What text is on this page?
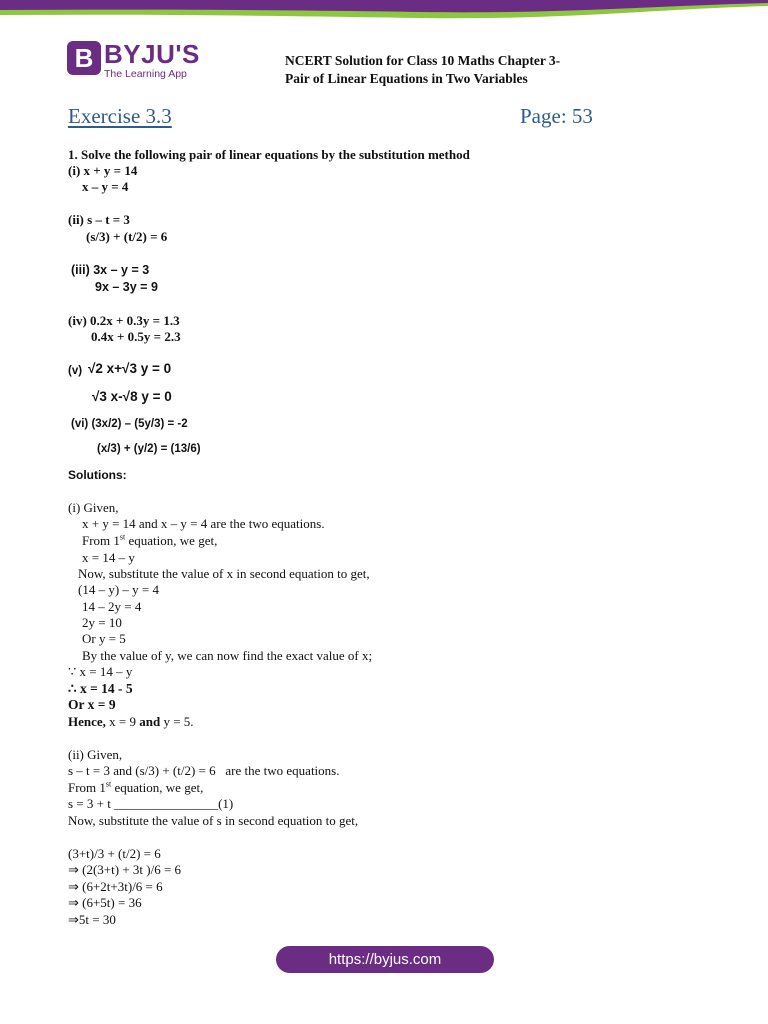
B BYJU'S
The Learning App
NCERT Solution for Class 10 Maths Chapter 3-
Pair of Linear Equations in Two Variables
Exercise 3.3	Page: 53
1. Solve the following pair of linear equations by the substitution method
(i) x + y = 14
x – y = 4
(ii) s – t = 3
(s/3) + (t/2) = 6
(iii) 3x – y = 3
9x – 3y = 9
(iv) 0.2x + 0.3y = 1.3
0.4x + 0.5y = 2.3
(v) √2 x+√3 y = 0
√3 x-√8 y = 0
(vi) (3x/2) – (5y/3) = -2
(x/3) + (y/2) = (13/6)
Solutions:
(i) Given,
x + y = 14 and x – y = 4 are the two equations.
From 1st equation, we get,
x = 14 – y
Now, substitute the value of x in second equation to get,
(14 – y) – y = 4
14 – 2y = 4
2y = 10
Or y = 5
By the value of y, we can now find the exact value of x;
∵ x = 14 – y
∴ x = 14 - 5
Or x = 9
Hence, x = 9 and y = 5.
(ii) Given,
s – t = 3 and (s/3) + (t/2) = 6   are the two equations.
From 1st equation, we get,
s = 3 + t ________________(1)
Now, substitute the value of s in second equation to get,
(3+t)/3 + (t/2) = 6
⇒ (2(3+t) + 3t )/6 = 6
⇒ (6+2t+3t)/6 = 6
⇒ (6+5t) = 36
⇒5t = 30
https://byjus.com
